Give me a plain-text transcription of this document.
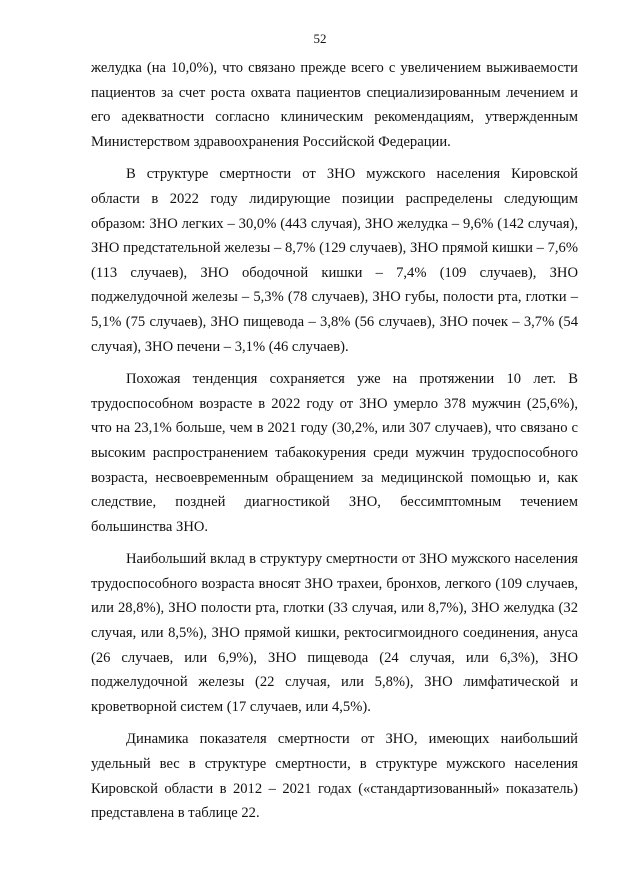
52

желудка (на 10,0%), что связано прежде всего с увеличением выживаемости пациентов за счет роста охвата пациентов специализированным лечением и его адекватности согласно клиническим рекомендациям, утвержденным Министерством здравоохранения Российской Федерации.

В структуре смертности от ЗНО мужского населения Кировской области в 2022 году лидирующие позиции распределены следующим образом: ЗНО легких – 30,0% (443 случая), ЗНО желудка – 9,6% (142 случая), ЗНО предстательной железы – 8,7% (129 случаев), ЗНО прямой кишки – 7,6% (113 случаев), ЗНО ободочной кишки – 7,4% (109 случаев), ЗНО поджелудочной железы – 5,3% (78 случаев), ЗНО губы, полости рта, глотки – 5,1% (75 случаев), ЗНО пищевода – 3,8% (56 случаев), ЗНО почек – 3,7% (54 случая), ЗНО печени – 3,1% (46 случаев).

Похожая тенденция сохраняется уже на протяжении 10 лет. В трудоспособном возрасте в 2022 году от ЗНО умерло 378 мужчин (25,6%), что на 23,1% больше, чем в 2021 году (30,2%, или 307 случаев), что связано с высоким распространением табакокурения среди мужчин трудоспособного возраста, несвоевременным обращением за медицинской помощью и, как следствие, поздней диагностикой ЗНО, бессимптомным течением большинства ЗНО.

Наибольший вклад в структуру смертности от ЗНО мужского населения трудоспособного возраста вносят ЗНО трахеи, бронхов, легкого (109 случаев, или 28,8%), ЗНО полости рта, глотки (33 случая, или 8,7%), ЗНО желудка (32 случая, или 8,5%), ЗНО прямой кишки, ректосигмоидного соединения, ануса (26 случаев, или 6,9%), ЗНО пищевода (24 случая, или 6,3%), ЗНО поджелудочной железы (22 случая, или 5,8%), ЗНО лимфатической и кроветворной систем (17 случаев, или 4,5%).

Динамика показателя смертности от ЗНО, имеющих наибольший удельный вес в структуре смертности, в структуре мужского населения Кировской области в 2012 – 2021 годах («стандартизованный» показатель) представлена в таблице 22.
